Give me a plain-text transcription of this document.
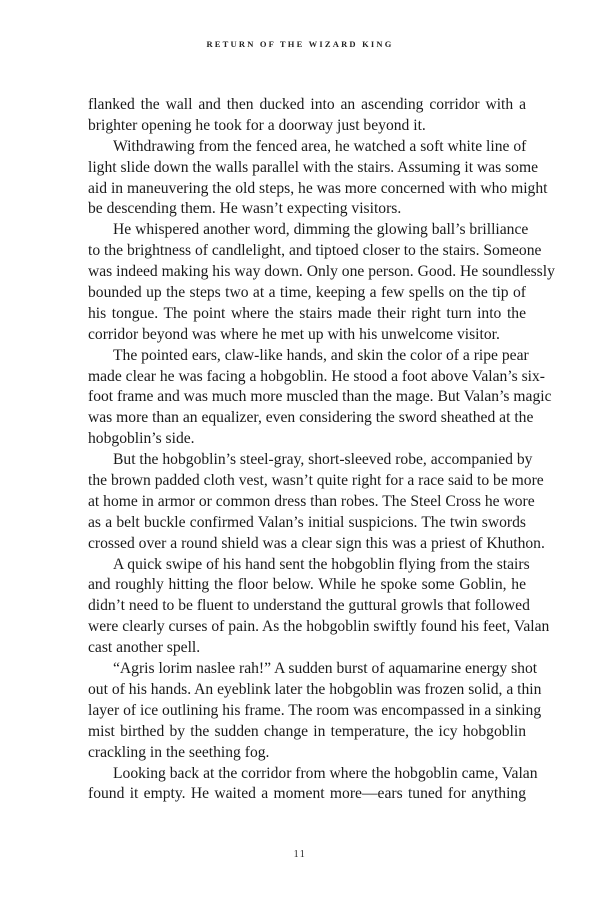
RETURN OF THE WIZARD KING
flanked the wall and then ducked into an ascending corridor with a
brighter opening he took for a doorway just beyond it.
Withdrawing from the fenced area, he watched a soft white line of
light slide down the walls parallel with the stairs. Assuming it was some
aid in maneuvering the old steps, he was more concerned with who might
be descending them. He wasn’t expecting visitors.
He whispered another word, dimming the glowing ball’s brilliance
to the brightness of candlelight, and tiptoed closer to the stairs. Someone
was indeed making his way down. Only one person. Good. He soundlessly
bounded up the steps two at a time, keeping a few spells on the tip of
his tongue. The point where the stairs made their right turn into the
corridor beyond was where he met up with his unwelcome visitor.
The pointed ears, claw-like hands, and skin the color of a ripe pear
made clear he was facing a hobgoblin. He stood a foot above Valan’s six-
foot frame and was much more muscled than the mage. But Valan’s magic
was more than an equalizer, even considering the sword sheathed at the
hobgoblin’s side.
But the hobgoblin’s steel-gray, short-sleeved robe, accompanied by
the brown padded cloth vest, wasn’t quite right for a race said to be more
at home in armor or common dress than robes. The Steel Cross he wore
as a belt buckle confirmed Valan’s initial suspicions. The twin swords
crossed over a round shield was a clear sign this was a priest of Khuthon.
A quick swipe of his hand sent the hobgoblin flying from the stairs
and roughly hitting the floor below. While he spoke some Goblin, he
didn’t need to be fluent to understand the guttural growls that followed
were clearly curses of pain. As the hobgoblin swiftly found his feet, Valan
cast another spell.
“Agris lorim naslee rah!” A sudden burst of aquamarine energy shot
out of his hands. An eyeblink later the hobgoblin was frozen solid, a thin
layer of ice outlining his frame. The room was encompassed in a sinking
mist birthed by the sudden change in temperature, the icy hobgoblin
crackling in the seething fog.
Looking back at the corridor from where the hobgoblin came, Valan
found it empty. He waited a moment more—ears tuned for anything
11
